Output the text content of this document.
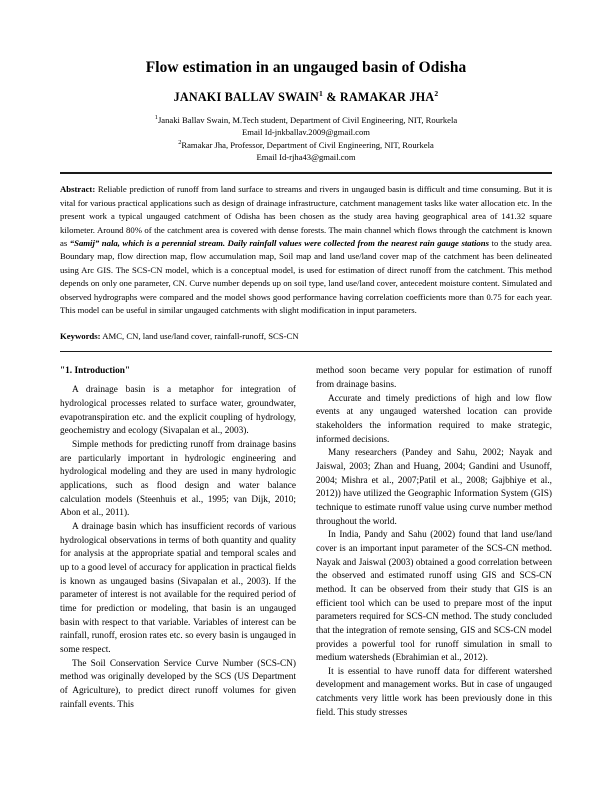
Flow estimation in an ungauged basin of Odisha
JANAKI BALLAV SWAIN$^1$ & RAMAKAR JHA$^2$
$^1$Janaki Ballav Swain, M.Tech student, Department of Civil Engineering, NIT, Rourkela
Email Id-jnkballav.2009@gmail.com
$^2$Ramakar Jha, Professor, Department of Civil Engineering, NIT, Rourkela
Email Id-rjha43@gmail.com

Abstract: Reliable prediction of runoff from land surface to streams and rivers in ungauged basin is difficult and time consuming. But it is vital for various practical applications such as design of drainage infrastructure, catchment management tasks like water allocation etc. In the present work a typical ungauged catchment of Odisha has been chosen as the study area having geographical area of 141.32 square kilometer. Around 80% of the catchment area is covered with dense forests. The main channel which flows through the catchment is known as “Samij” nala, which is a perennial stream. Daily rainfall values were collected from the nearest rain gauge stations to the study area. Boundary map, flow direction map, flow accumulation map, Soil map and land use/land cover map of the catchment has been delineated using Arc GIS. The SCS-CN model, which is a conceptual model, is used for estimation of direct runoff from the catchment. This method depends on only one parameter, CN. Curve number depends up on soil type, land use/land cover, antecedent moisture content. Simulated and observed hydrographs were compared and the model shows good performance having correlation coefficients more than 0.75 for each year. This model can be useful in similar ungauged catchments with slight modification in input parameters.

Keywords: AMC, CN, land use/land cover, rainfall-runoff, SCS-CN

"1. Introduction"

A drainage basin is a metaphor for integration of hydrological processes related to surface water, groundwater, evapotranspiration etc. and the explicit coupling of hydrology, geochemistry and ecology (Sivapalan et al., 2003).

Simple methods for predicting runoff from drainage basins are particularly important in hydrologic engineering and hydrological modeling and they are used in many hydrologic applications, such as flood design and water balance calculation models (Steenhuis et al., 1995; van Dijk, 2010; Abon et al., 2011).

A drainage basin which has insufficient records of various hydrological observations in terms of both quantity and quality for analysis at the appropriate spatial and temporal scales and up to a good level of accuracy for application in practical fields is known as ungauged basins (Sivapalan et al., 2003). If the parameter of interest is not available for the required period of time for prediction or modeling, that basin is an ungauged basin with respect to that variable. Variables of interest can be rainfall, runoff, erosion rates etc. so every basin is ungauged in some respect.

The Soil Conservation Service Curve Number (SCS-CN) method was originally developed by the SCS (US Department of Agriculture), to predict direct runoff volumes for given rainfall events. This

method soon became very popular for estimation of runoff from drainage basins.

Accurate and timely predictions of high and low flow events at any ungauged watershed location can provide stakeholders the information required to make strategic, informed decisions.

Many researchers (Pandey and Sahu, 2002; Nayak and Jaiswal, 2003; Zhan and Huang, 2004; Gandini and Usunoff, 2004; Mishra et al., 2007;Patil et al., 2008; Gajbhiye et al., 2012)) have utilized the Geographic Information System (GIS) technique to estimate runoff value using curve number method throughout the world.

In India, Pandy and Sahu (2002) found that land use/land cover is an important input parameter of the SCS-CN method. Nayak and Jaiswal (2003) obtained a good correlation between the observed and estimated runoff using GIS and SCS-CN method. It can be observed from their study that GIS is an efficient tool which can be used to prepare most of the input parameters required for SCS-CN method. The study concluded that the integration of remote sensing, GIS and SCS-CN model provides a powerful tool for runoff simulation in small to medium watersheds (Ebrahimian et al., 2012).

It is essential to have runoff data for different watershed development and management works. But in case of ungauged catchments very little work has been previously done in this field. This study stresses
